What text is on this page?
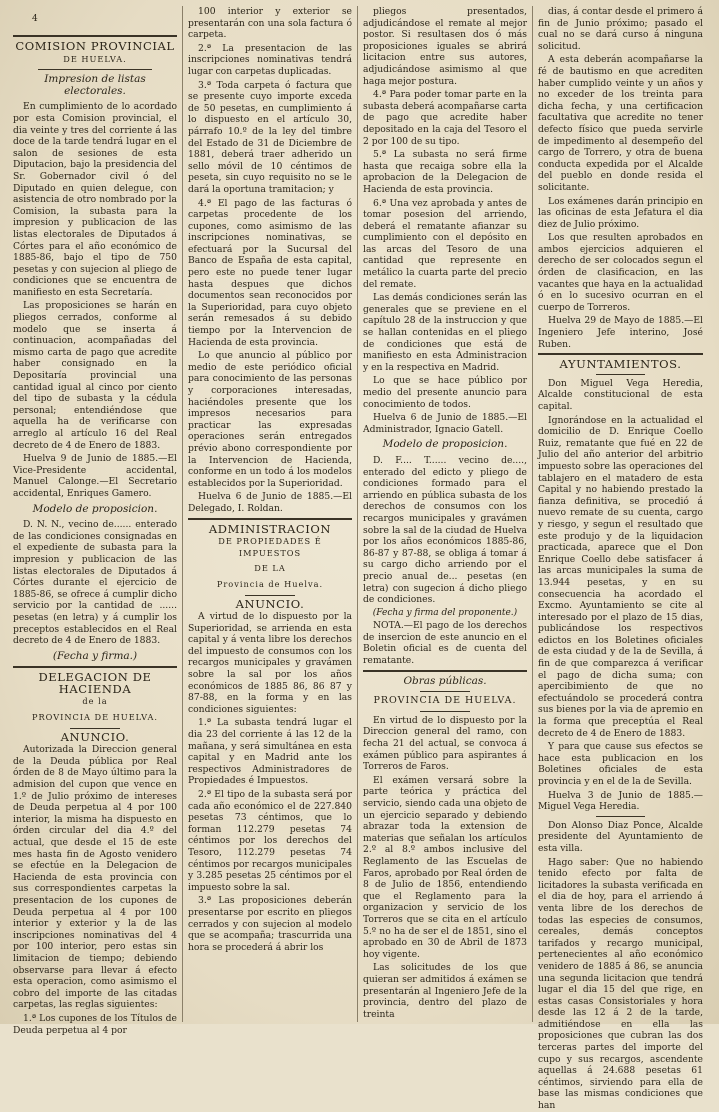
4
COMISION PROVINCIAL
DE HUELVA.
Impresion de listas electorales.

En cumplimiento de lo acordado por esta Comision provincial, el dia veinte y tres del corriente á las doce de la tarde tendrá lugar en el salon de sesiones de esta Diputacion, bajo la presidencia del Sr. Gobernador civil ó del Diputado en quien delegue, con asistencia de otro nombrado por la Comision, la subasta para la impresion y publicacion de las listas electorales de Diputados á Córtes para el año económico de 1885-86, bajo el tipo de 750 pesetas y con sujecion al pliego de condiciones que se encuentra de manifiesto en esta Secretaría.

Las proposiciones se harán en pliegos cerrados, conforme al modelo que se inserta á continuacion, acompañadas del mismo carta de pago que acredite haber consignado en la Depositaría provincial una cantidad igual al cinco por ciento del tipo de subasta y la cédula personal; entendiéndose que aquella ha de verificarse con arreglo al artículo 16 del Real decreto de 4 de Enero de 1883.

Huelva 9 de Junio de 1885.—El Vice-Presidente accidental, Manuel Calonge.—El Secretario accidental, Enriques Gamero.

Modelo de proposicion.

D. N. N., vecino de...... enterado de las condiciones consignadas en el expediente de subasta para la impresion y publicacion de las listas electorales de Diputados á Córtes durante el ejercicio de 1885-86, se ofrece á cumplir dicho servicio por la cantidad de ...... pesetas (en letra) y á cumplir los preceptos establecidos en el Real decreto de 4 de Enero de 1883.

(Fecha y firma.)
DELEGACION DE HACIENDA
de la
PROVINCIA DE HUELVA.
ANUNCIO.

Autorizada la Direccion general de la Deuda pública por Real órden de 8 de Mayo último para la admision del cupon que vence en 1.º de Julio próximo de intereses de Deuda perpetua al 4 por 100 interior, la misma ha dispuesto en órden circular del dia 4.º del actual, que desde el 15 de este mes hasta fin de Agosto venidero se efectúe en la Delegacion de Hacienda de esta provincia con sus correspondientes carpetas la presentacion de los cupones de Deuda perpetua al 4 por 100 interior y exterior y la de las inscripciones nominativas del 4 por 100 interior, pero estas sin limitacion de tiempo; debiendo observarse para llevar á efecto esta operacion, como asimismo el cobro del importe de las citadas carpetas, las reglas siguientes:

1.ª Los cupones de los Títulos de Deuda perpetua al 4 por

100 interior y exterior se presentarán con una sola factura ó carpeta.

2.ª La presentacion de las inscripciones nominativas tendrá lugar con carpetas duplicadas.

3.ª Toda carpeta ó factura que se presente cuyo importe exceda de 50 pesetas, en cumplimiento á lo dispuesto en el artículo 30, párrafo 10.º de la ley del timbre del Estado de 31 de Diciembre de 1881, deberá traer adherido un sello móvil de 10 céntimos de peseta, sin cuyo requisito no se le dará la oportuna tramitacion; y

4.ª El pago de las facturas ó carpetas procedente de los cupones, como asimismo de las inscripciones nominativas, se efectuará por la Sucursal del Banco de España de esta capital, pero este no puede tener lugar hasta despues que dichos documentos sean reconocidos por la Superioridad, para cuyo objeto serán remesados á su debido tiempo por la Intervencion de Hacienda de esta provincia.

Lo que anuncio al público por medio de este periódico oficial para conocimiento de las personas y corporaciones interesadas, haciéndoles presente que los impresos necesarios para practicar las expresadas operaciones serán entregados prévio abono correspondiente por la Intervencion de Hacienda, conforme en un todo á los modelos establecidos por la Superioridad.

Huelva 6 de Junio de 1885.—El Delegado, I. Roldan.

ADMINISTRACION
DE PROPIEDADES É IMPUESTOS
DE LA
Provincia de Huelva.
ANUNCIO.

A virtud de lo dispuesto por la Superioridad, se arrienda en esta capital y á venta libre los derechos del impuesto de consumos con los recargos municipales y gravámen sobre la sal por los años económicos de 1885 86, 86 87 y 87-88, en la forma y en las condiciones siguientes:

1.ª La subasta tendrá lugar el dia 23 del corriente á las 12 de la mañana, y será simultánea en esta capital y en Madrid ante los respectivos Administradores de Propiedades é Impuestos.

2.ª El tipo de la subasta será por cada año económico el de 227.840 pesetas 73 céntimos, que lo forman 112.279 pesetas 74 céntimos por los derechos del Tesoro, 112.279 pesetas 74 céntimos por recargos municipales y 3.285 pesetas 25 céntimos por el impuesto sobre la sal.

3.ª Las proposiciones deberán presentarse por escrito en pliegos cerrados y con sujecion al modelo que se acompaña; trascurrida una hora se procederá á abrir los

pliegos presentados, adjudicándose el remate al mejor postor. Si resultasen dos ó más proposiciones iguales se abrirá licitacion entre sus autores, adjudicándose asimismo al que haga mejor postura.

4.ª Para poder tomar parte en la subasta deberá acompañarse carta de pago que acredite haber depositado en la caja del Tesoro el 2 por 100 de su tipo.

5.ª La subasta no será firme hasta que recaiga sobre ella la aprobacion de la Delegacion de Hacienda de esta provincia.

6.ª Una vez aprobada y antes de tomar posesion del arriendo, deberá el rematante afianzar su cumplimiento con el depósito en las arcas del Tesoro de una cantidad que represente en metálico la cuarta parte del precio del remate.

Las demás condiciones serán las generales que se previene en el capítulo 28 de la instruccion y que se hallan contenidas en el pliego de condiciones que está de manifiesto en esta Administracion y en la respectiva en Madrid.

Lo que se hace público por medio del presente anuncio para conocimiento de todos.

Huelva 6 de Junio de 1885.—El Administrador, Ignacio Gatell.

Modelo de proposicion.

D. F.... T...... vecino de...., enterado del edicto y pliego de condiciones formado para el arriendo en pública subasta de los derechos de consumos con los recargos municipales y gravámen sobre la sal de la ciudad de Huelva por los años económicos 1885-86, 86-87 y 87-88, se obliga á tomar á su cargo dicho arriendo por el precio anual de... pesetas (en letra) con sugecion á dicho pliego de condiciones.

(Fecha y firma del proponente.)

NOTA.—El pago de los derechos de insercion de este anuncio en el Boletin oficial es de cuenta del rematante.

Obras públicas.
PROVINCIA DE HUELVA.

En virtud de lo dispuesto por la Direccion general del ramo, con fecha 21 del actual, se convoca á exámen público para aspirantes á Torreros de Faros.

El exámen versará sobre la parte teórica y práctica del servicio, siendo cada una objeto de un ejercicio separado y debiendo abrazar toda la extension de materias que señalan los artículos 2.º al 8.º ambos inclusive del Reglamento de las Escuelas de Faros, aprobado por Real órden de 8 de Julio de 1856, entendiendo que el Reglamento para la organizacion y servicio de los Torreros que se cita en el artículo 5.º no ha de ser el de 1851, sino el aprobado en 30 de Abril de 1873 hoy vigente.

Las solicitudes de los que quieran ser admitidos á exámen se presentarán al Ingeniero Jefe de la provincia, dentro del plazo de treinta

dias, á contar desde el primero á fin de Junio próximo; pasado el cual no se dará curso á ninguna solicitud.

A esta deberán acompañarse la fé de bautismo en que acrediten haber cumplido veinte y un años y no exceder de los treinta para dicha fecha, y una certificacion facultativa que acredite no tener defecto físico que pueda servirle de impedimento al desempeño del cargo de Torrero, y otra de buena conducta expedida por el Alcalde del pueblo en donde resida el solicitante.

Los exámenes darán principio en las oficinas de esta Jefatura el dia diez de Julio próximo.

Los que resulten aprobados en ambos ejercicios adquieren el derecho de ser colocados segun el órden de clasificacion, en las vacantes que haya en la actualidad ó en lo sucesivo ocurran en el cuerpo de Torreros.

Huelva 29 de Mayo de 1885.—El Ingeniero Jefe interino, José Ruben.

AYUNTAMIENTOS.

Don Miguel Vega Heredia, Alcalde constitucional de esta capital.

Ignorándose en la actualidad el domicilio de D. Enrique Coello Ruiz, rematante que fué en 22 de Julio del año anterior del arbitrio impuesto sobre las operaciones del tablajero en el matadero de esta Capital y no habiendo prestado la fianza definitiva, se procedió á nuevo remate de su cuenta, cargo y riesgo, y segun el resultado que este produjo y de la liquidacion practicada, aparece que el Don Enrique Coello debe satisfacer á las arcas municipales la suma de 13.944 pesetas, y en su consecuencia ha acordado el Excmo. Ayuntamiento se cite al interesado por el plazo de 15 dias, publicándose los respectivos edictos en los Boletines oficiales de esta ciudad y de la de Sevilla, á fin de que comparezca á verificar el pago de dicha suma; con apercibimiento de que no efectuándolo se procederá contra sus bienes por la via de apremio en la forma que preceptúa el Real decreto de 4 de Enero de 1883.

Y para que cause sus efectos se hace esta publicacion en los Boletines oficiales de esta provincia y en el de la de Sevilla.

Huelva 3 de Junio de 1885.—Miguel Vega Heredia.

Don Alonso Diaz Ponce, Alcalde presidente del Ayuntamiento de esta villa.

Hago saber: Que no habiendo tenido efecto por falta de licitadores la subasta verificada en el dia de hoy, para el arriendo á venta libre de los derechos de todas las especies de consumos, cereales, demás conceptos tarifados y recargo municipal, pertenecientes al año económico venidero de 1885 á 86, se anuncia una segunda licitacion que tendrá lugar el dia 15 del que rige, en estas casas Consistoriales y hora desde las 12 á 2 de la tarde, admitiéndose en ella las proposiciones que cubran las dos terceras partes del importe del cupo y sus recargos, ascendente aquellas á 24.688 pesetas 61 céntimos, sirviendo para ella de base las mismas condiciones que han
